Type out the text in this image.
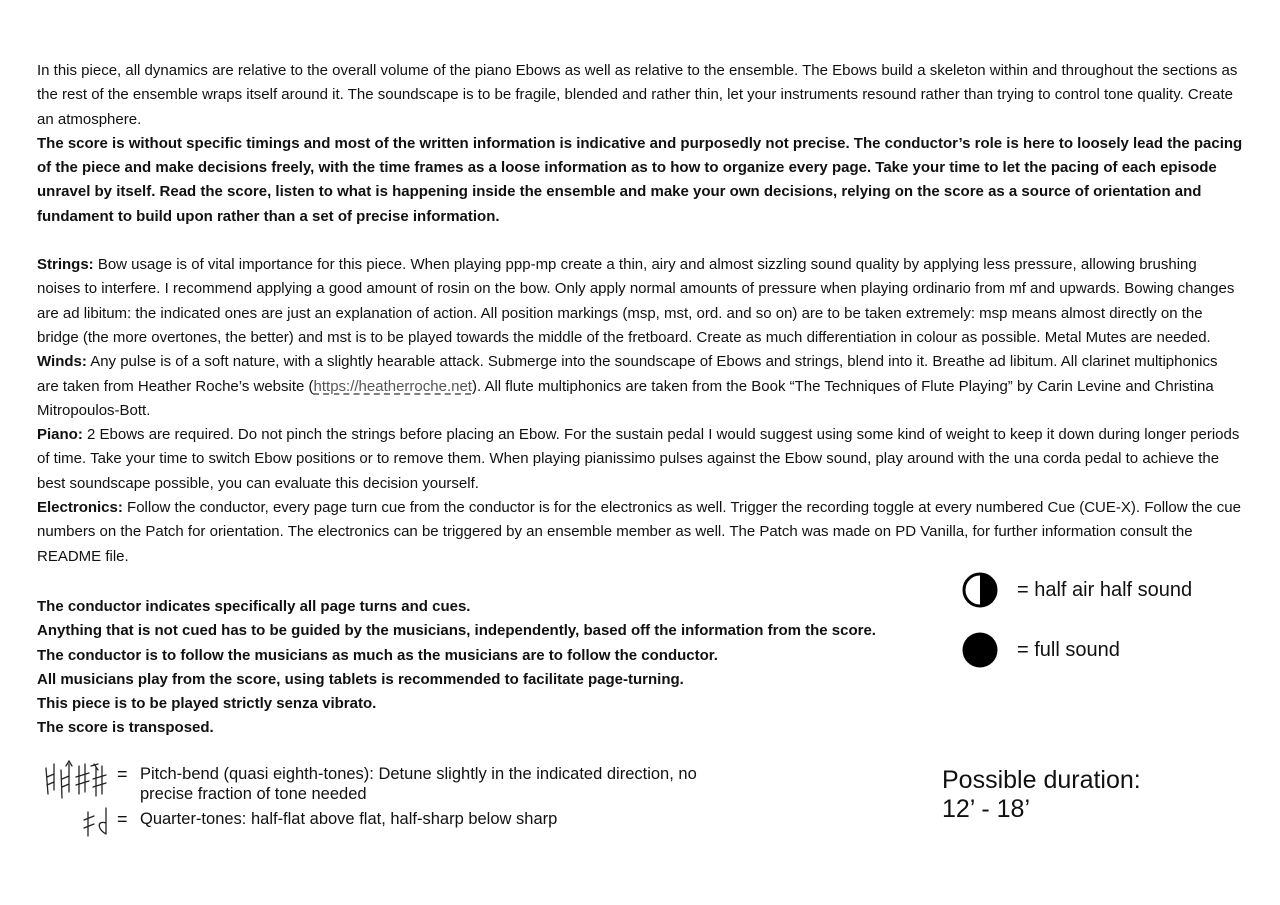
In this piece, all dynamics are relative to the overall volume of the piano Ebows as well as relative to the ensemble. The Ebows build a skeleton within and throughout the sections as the rest of the ensemble wraps itself around it. The soundscape is to be fragile, blended and rather thin, let your instruments resound rather than trying to control tone quality. Create an atmosphere.

The score is without specific timings and most of the written information is indicative and purposedly not precise. The conductor’s role is here to loosely lead the pacing of the piece and make decisions freely, with the time frames as a loose information as to how to organize every page. Take your time to let the pacing of each episode unravel by itself. Read the score, listen to what is happening inside the ensemble and make your own decisions, relying on the score as a source of orientation and fundament to build upon rather than a set of precise information.

Strings: Bow usage is of vital importance for this piece. When playing ppp-mp create a thin, airy and almost sizzling sound quality by applying less pressure, allowing brushing noises to interfere. I recommend applying a good amount of rosin on the bow. Only apply normal amounts of pressure when playing ordinario from mf and upwards. Bowing changes are ad libitum: the indicated ones are just an explanation of action. All position markings (msp, mst, ord. and so on) are to be taken extremely: msp means almost directly on the bridge (the more overtones, the better) and mst is to be played towards the middle of the fretboard. Create as much differentiation in colour as possible. Metal Mutes are needed.

Winds: Any pulse is of a soft nature, with a slightly hearable attack. Submerge into the soundscape of Ebows and strings, blend into it. Breathe ad libitum. All clarinet multiphonics are taken from Heather Roche’s website (https://heatherroche.net). All flute multiphonics are taken from the Book “The Techniques of Flute Playing” by Carin Levine and Christina Mitropoulos-Bott.

Piano: 2 Ebows are required. Do not pinch the strings before placing an Ebow. For the sustain pedal I would suggest using some kind of weight to keep it down during longer periods of time. Take your time to switch Ebow positions or to remove them. When playing pianissimo pulses against the Ebow sound, play around with the una corda pedal to achieve the best soundscape possible, you can evaluate this decision yourself.

Electronics: Follow the conductor, every page turn cue from the conductor is for the electronics as well. Trigger the recording toggle at every numbered Cue (CUE-X). Follow the cue numbers on the Patch for orientation. The electronics can be triggered by an ensemble member as well. The Patch was made on PD Vanilla, for further information consult the README file.

The conductor indicates specifically all page turns and cues.

Anything that is not cued has to be guided by the musicians, independently, based off the information from the score.

The conductor is to follow the musicians as much as the musicians are to follow the conductor.

All musicians play from the score, using tablets is recommended to facilitate page-turning.

This piece is to be played strictly senza vibrato.

The score is transposed.

= half air half sound
= full sound
= Pitch-bend (quasi eighth-tones): Detune slightly in the indicated direction, no precise fraction of tone needed
= Quarter-tones: half-flat above flat, half-sharp below sharp
Possible duration:
12’ - 18’
